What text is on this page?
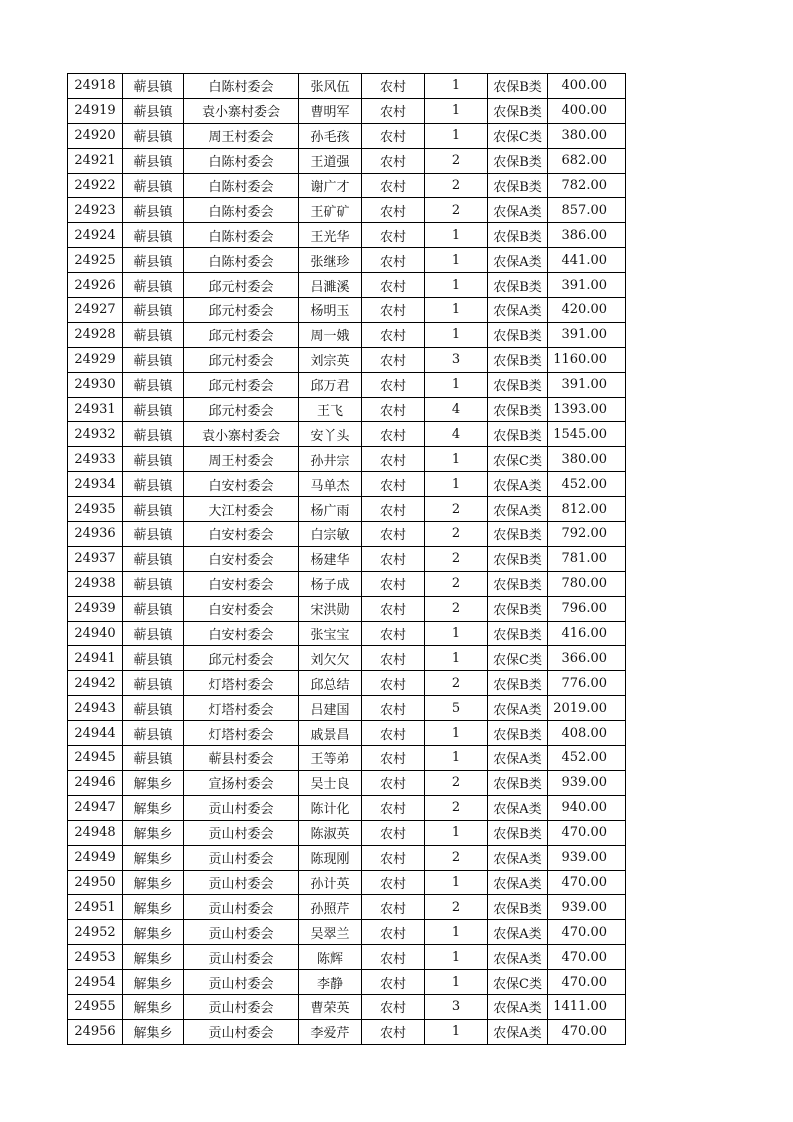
24918	蕲县镇	白陈村委会	张风伍	农村	1	农保B类	400.00
24919	蕲县镇	袁小寨村委会	曹明军	农村	1	农保B类	400.00
24920	蕲县镇	周王村委会	孙毛孩	农村	1	农保C类	380.00
24921	蕲县镇	白陈村委会	王道强	农村	2	农保B类	682.00
24922	蕲县镇	白陈村委会	谢广才	农村	2	农保B类	782.00
24923	蕲县镇	白陈村委会	王矿矿	农村	2	农保A类	857.00
24924	蕲县镇	白陈村委会	王光华	农村	1	农保B类	386.00
24925	蕲县镇	白陈村委会	张继珍	农村	1	农保A类	441.00
24926	蕲县镇	邱元村委会	吕濉溪	农村	1	农保B类	391.00
24927	蕲县镇	邱元村委会	杨明玉	农村	1	农保A类	420.00
24928	蕲县镇	邱元村委会	周一娥	农村	1	农保B类	391.00
24929	蕲县镇	邱元村委会	刘宗英	农村	3	农保B类	1160.00
24930	蕲县镇	邱元村委会	邱万君	农村	1	农保B类	391.00
24931	蕲县镇	邱元村委会	王飞	农村	4	农保B类	1393.00
24932	蕲县镇	袁小寨村委会	安丫头	农村	4	农保B类	1545.00
24933	蕲县镇	周王村委会	孙井宗	农村	1	农保C类	380.00
24934	蕲县镇	白安村委会	马单杰	农村	1	农保A类	452.00
24935	蕲县镇	大江村委会	杨广雨	农村	2	农保A类	812.00
24936	蕲县镇	白安村委会	白宗敏	农村	2	农保B类	792.00
24937	蕲县镇	白安村委会	杨建华	农村	2	农保B类	781.00
24938	蕲县镇	白安村委会	杨子成	农村	2	农保B类	780.00
24939	蕲县镇	白安村委会	宋洪勋	农村	2	农保B类	796.00
24940	蕲县镇	白安村委会	张宝宝	农村	1	农保B类	416.00
24941	蕲县镇	邱元村委会	刘欠欠	农村	1	农保C类	366.00
24942	蕲县镇	灯塔村委会	邱总结	农村	2	农保B类	776.00
24943	蕲县镇	灯塔村委会	吕建国	农村	5	农保A类	2019.00
24944	蕲县镇	灯塔村委会	戚景昌	农村	1	农保B类	408.00
24945	蕲县镇	蕲县村委会	王等弟	农村	1	农保A类	452.00
24946	解集乡	宣扬村委会	吴士良	农村	2	农保B类	939.00
24947	解集乡	贡山村委会	陈计化	农村	2	农保A类	940.00
24948	解集乡	贡山村委会	陈淑英	农村	1	农保B类	470.00
24949	解集乡	贡山村委会	陈现刚	农村	2	农保A类	939.00
24950	解集乡	贡山村委会	孙计英	农村	1	农保A类	470.00
24951	解集乡	贡山村委会	孙照芹	农村	2	农保B类	939.00
24952	解集乡	贡山村委会	吴翠兰	农村	1	农保A类	470.00
24953	解集乡	贡山村委会	陈辉	农村	1	农保A类	470.00
24954	解集乡	贡山村委会	李静	农村	1	农保C类	470.00
24955	解集乡	贡山村委会	曹荣英	农村	3	农保A类	1411.00
24956	解集乡	贡山村委会	李爱芹	农村	1	农保A类	470.00
